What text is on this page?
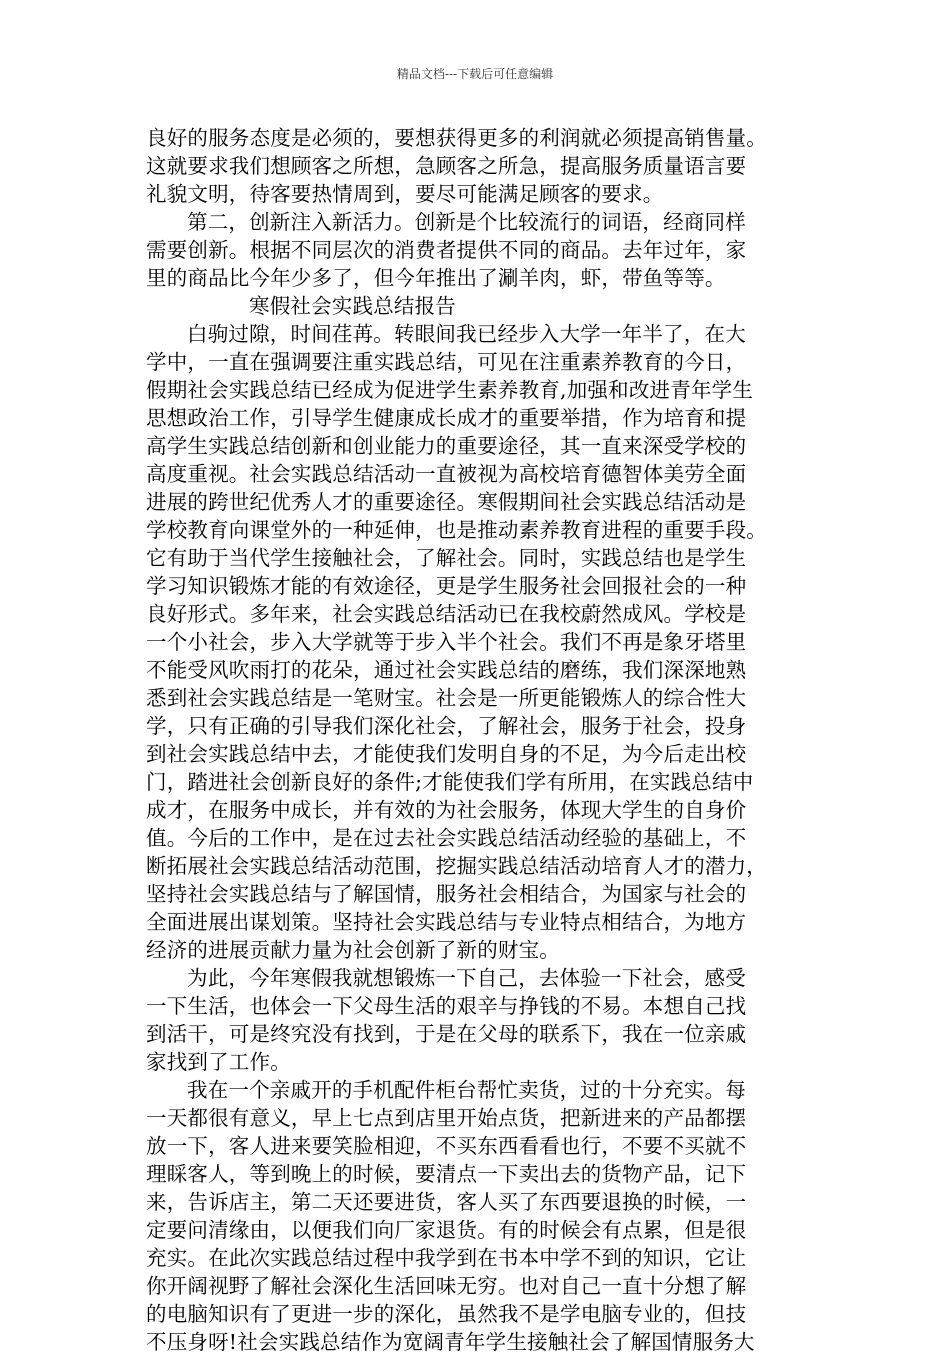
精品文档---下载后可任意编辑
良好的服务态度是必须的，要想获得更多的利润就必须提高销售量。
这就要求我们想顾客之所想，急顾客之所急，提高服务质量语言要
礼貌文明，待客要热情周到，要尽可能满足顾客的要求。
第二，创新注入新活力。创新是个比较流行的词语，经商同样
需要创新。根据不同层次的消费者提供不同的商品。去年过年，家
里的商品比今年少多了，但今年推出了涮羊肉，虾，带鱼等等。
寒假社会实践总结报告
白驹过隙，时间荏苒。转眼间我已经步入大学一年半了，在大
学中，一直在强调要注重实践总结，可见在注重素养教育的今日，
假期社会实践总结已经成为促进学生素养教育,加强和改进青年学生
思想政治工作，引导学生健康成长成才的重要举措，作为培育和提
高学生实践总结创新和创业能力的重要途径，其一直来深受学校的
高度重视。社会实践总结活动一直被视为高校培育德智体美劳全面
进展的跨世纪优秀人才的重要途径。寒假期间社会实践总结活动是
学校教育向课堂外的一种延伸，也是推动素养教育进程的重要手段。
它有助于当代学生接触社会，了解社会。同时，实践总结也是学生
学习知识锻炼才能的有效途径，更是学生服务社会回报社会的一种
良好形式。多年来，社会实践总结活动已在我校蔚然成风。学校是
一个小社会，步入大学就等于步入半个社会。我们不再是象牙塔里
不能受风吹雨打的花朵，通过社会实践总结的磨练，我们深深地熟
悉到社会实践总结是一笔财宝。社会是一所更能锻炼人的综合性大
学，只有正确的引导我们深化社会，了解社会，服务于社会，投身
到社会实践总结中去，才能使我们发明自身的不足，为今后走出校
门，踏进社会创新良好的条件;才能使我们学有所用，在实践总结中
成才，在服务中成长，并有效的为社会服务，体现大学生的自身价
值。今后的工作中，是在过去社会实践总结活动经验的基础上，不
断拓展社会实践总结活动范围，挖掘实践总结活动培育人才的潜力，
坚持社会实践总结与了解国情，服务社会相结合，为国家与社会的
全面进展出谋划策。坚持社会实践总结与专业特点相结合，为地方
经济的进展贡献力量为社会创新了新的财宝。
为此，今年寒假我就想锻炼一下自己，去体验一下社会，感受
一下生活，也体会一下父母生活的艰辛与挣钱的不易。本想自己找
到活干，可是终究没有找到，于是在父母的联系下，我在一位亲戚
家找到了工作。
我在一个亲戚开的手机配件柜台帮忙卖货，过的十分充实。每
一天都很有意义，早上七点到店里开始点货，把新进来的产品都摆
放一下，客人进来要笑脸相迎，不买东西看看也行，不要不买就不
理睬客人，等到晚上的时候，要清点一下卖出去的货物产品，记下
来，告诉店主，第二天还要进货，客人买了东西要退换的时候，一
定要问清缘由，以便我们向厂家退货。有的时候会有点累，但是很
充实。在此次实践总结过程中我学到在书本中学不到的知识，它让
你开阔视野了解社会深化生活回味无穷。也对自己一直十分想了解
的电脑知识有了更进一步的深化，虽然我不是学电脑专业的，但技
不压身呀!社会实践总结作为宽阔青年学生接触社会了解国情服务大
